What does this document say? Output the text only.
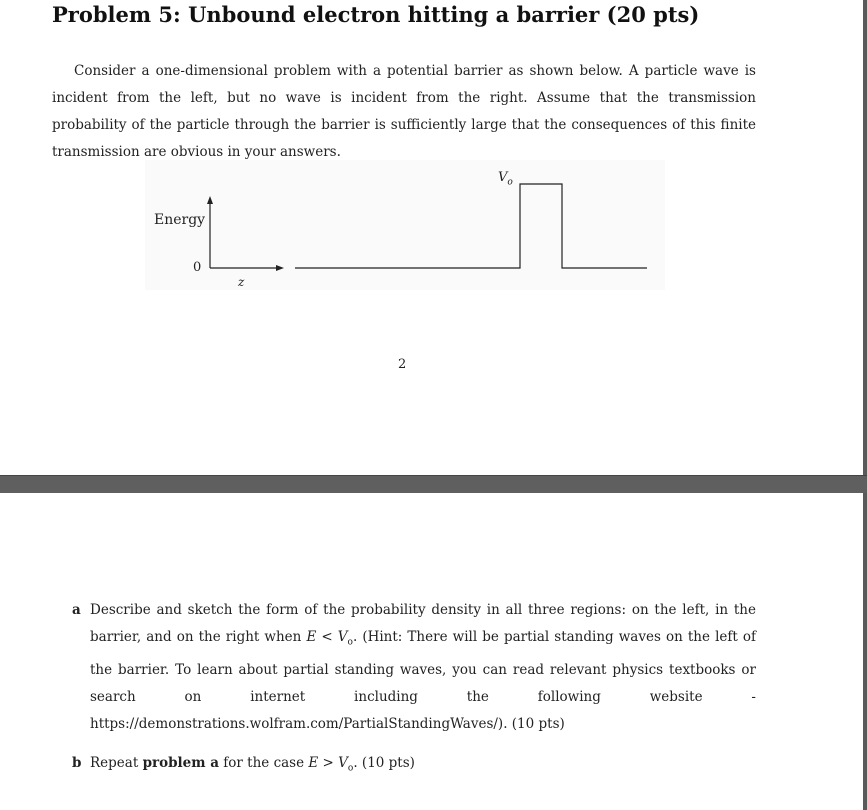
Problem 5: Unbound electron hitting a barrier (20 pts)

Consider a one-dimensional problem with a potential barrier as shown below. A particle wave is incident from the left, but no wave is incident from the right. Assume that the transmission probability of the particle through the barrier is sufficiently large that the consequences of this finite transmission are obvious in your answers.

Energy
0
z
$V_o$
2
a Describe and sketch the form of the probability density in all three regions: on the left, in the barrier, and on the right when $E < V_o$. (Hint: There will be partial standing waves on the left of the barrier. To learn about partial standing waves, you can read relevant physics textbooks or search on internet including the following website - https://demonstrations.wolfram.com/PartialStandingWaves/). (10 pts)
b Repeat problem a for the case $E > V_o$. (10 pts)
